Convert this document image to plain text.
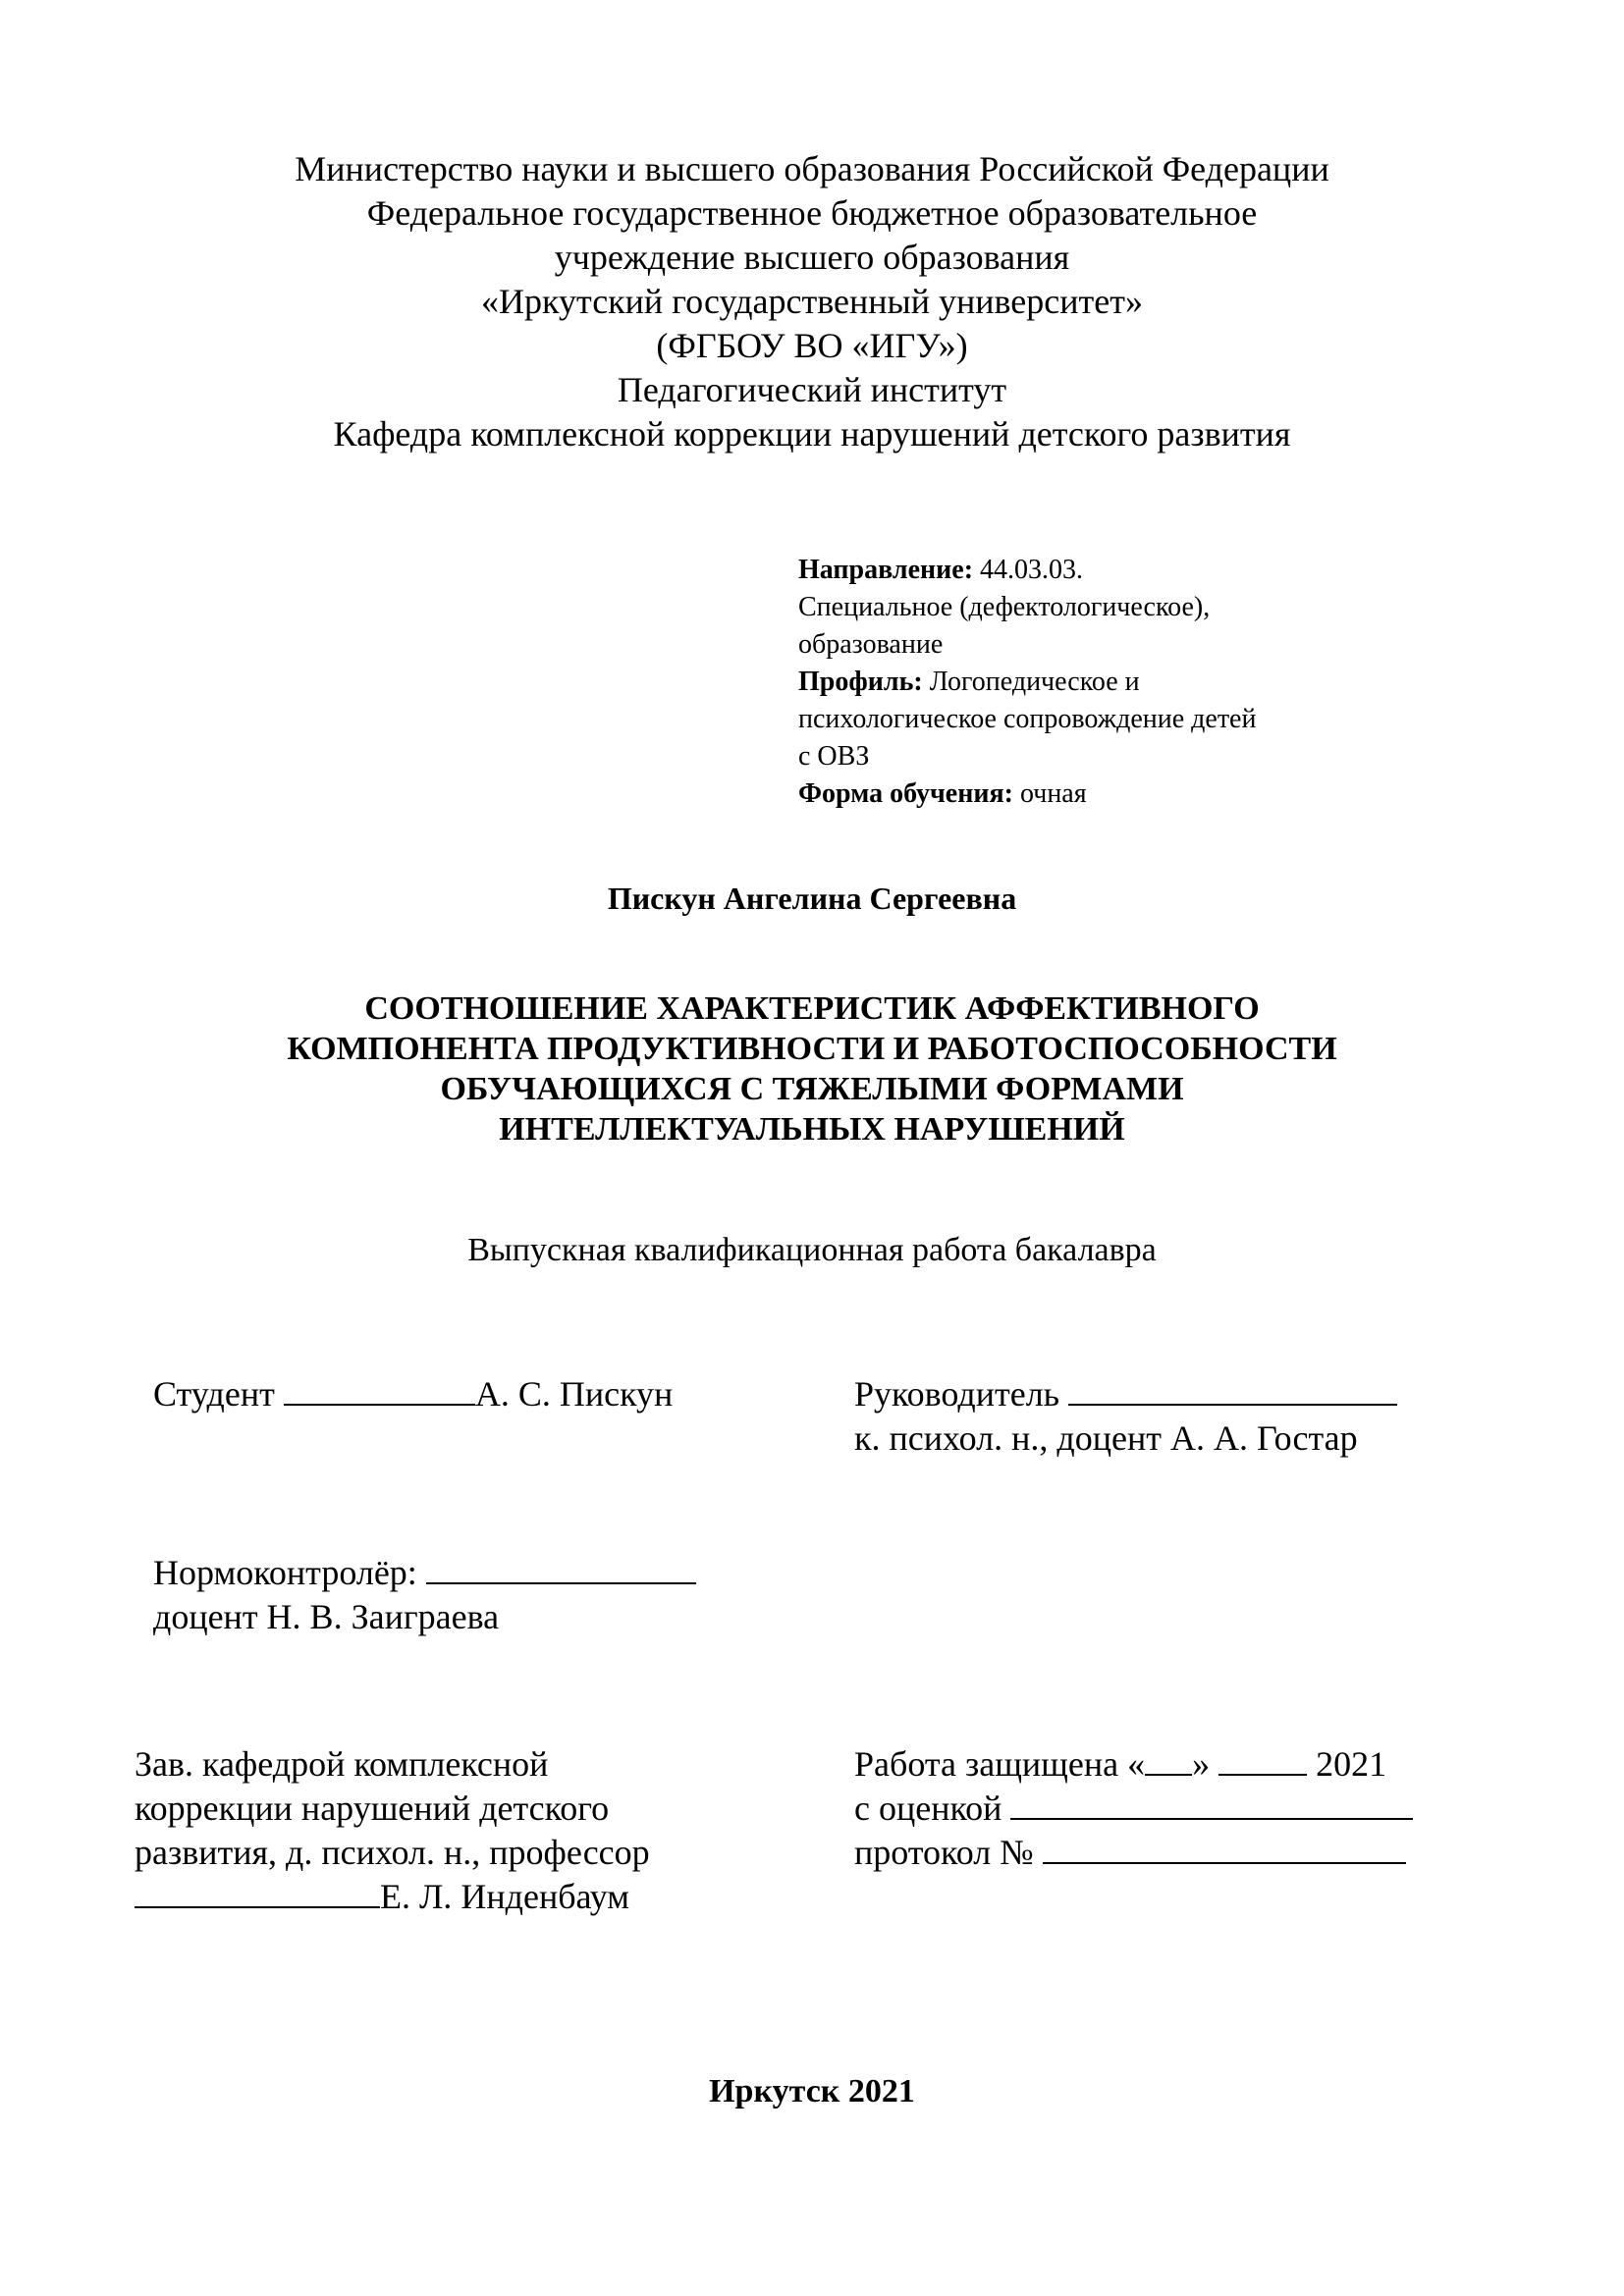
Министерство науки и высшего образования Российской Федерации
Федеральное государственное бюджетное образовательное
учреждение высшего образования
«Иркутский государственный университет»
(ФГБОУ ВО «ИГУ»)
Педагогический институт
Кафедра комплексной коррекции нарушений детского развития
Направление: 44.03.03.
Специальное (дефектологическое),
образование
Профиль: Логопедическое и
психологическое сопровождение детей
с ОВЗ
Форма обучения: очная
Пискун Ангелина Сергеевна
СООТНОШЕНИЕ ХАРАКТЕРИСТИК АФФЕКТИВНОГО
КОМПОНЕНТА ПРОДУКТИВНОСТИ И РАБОТОСПОСОБНОСТИ
ОБУЧАЮЩИХСЯ С ТЯЖЕЛЫМИ ФОРМАМИ
ИНТЕЛЛЕКТУАЛЬНЫХ НАРУШЕНИЙ
Выпускная квалификационная работа бакалавра
Студент	А. С. Пискун	Руководитель
к. психол. н., доцент А. А. Гостар
Нормоконтролёр:
доцент Н. В. Заиграева
Зав. кафедрой комплексной
коррекции нарушений детского
развития, д. психол. н., профессор
Е. Л. Инденбаум
Работа защищена « »	2021
с оценкой
протокол №
Иркутск 2021
